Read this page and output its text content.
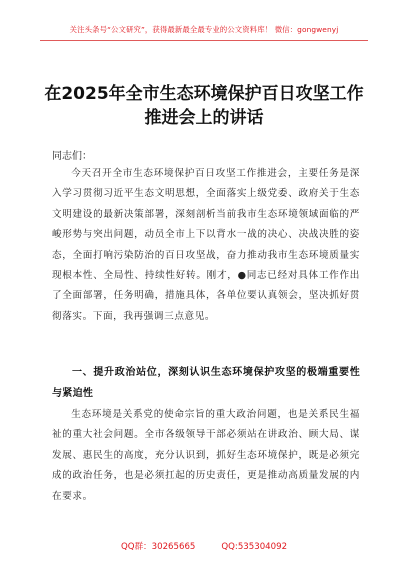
关注头条号“公文研究”，获得最新最全最专业的公文资料库！ 微信：gongwenyj
在2025年全市生态环境保护百日攻坚工作推进会上的讲话
同志们：

今天召开全市生态环境保护百日攻坚工作推进会，主要任务是深入学习贯彻习近平生态文明思想，全面落实上级党委、政府关于生态文明建设的最新决策部署，深刻剖析当前我市生态环境领域面临的严峻形势与突出问题，动员全市上下以背水一战的决心、决战决胜的姿态，全面打响污染防治的百日攻坚战，奋力推动我市生态环境质量实现根本性、全局性、持续性好转。刚才，●同志已经对具体工作作出了全面部署，任务明确，措施具体，各单位要认真领会，坚决抓好贯彻落实。下面，我再强调三点意见。

一、提升政治站位，深刻认识生态环境保护攻坚的极端重要性与紧迫性

生态环境是关系党的使命宗旨的重大政治问题，也是关系民生福祉的重大社会问题。全市各级领导干部必须站在讲政治、顾大局、谋发展、惠民生的高度，充分认识到，抓好生态环境保护，既是必须完成的政治任务，也是必须扛起的历史责任，更是推动高质量发展的内在要求。

QQ群：30265665	QQ:535304092
